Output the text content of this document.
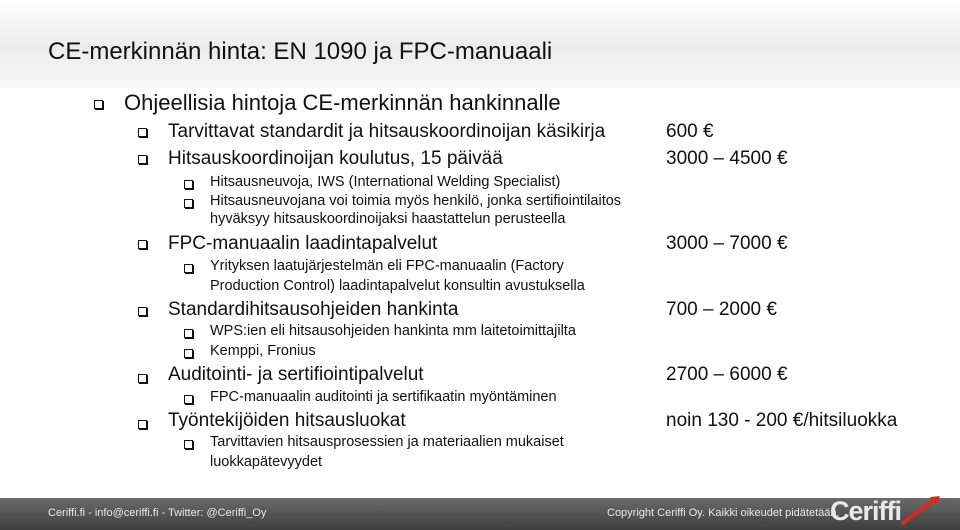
CE-merkinnän hinta: EN 1090 ja FPC-manuaali
Ohjeellisia hintoja CE-merkinnän hankinnalle
Tarvittavat standardit ja hitsauskoordinoijan käsikirja	600 €
Hitsauskoordinoijan koulutus, 15 päivää	3000 – 4500 €
Hitsausneuvoja, IWS (International Welding Specialist)
Hitsausneuvojana voi toimia myös henkilö, jonka sertifiointilaitos
hyväksyy hitsauskoordinoijaksi haastattelun perusteella
FPC-manuaalin laadintapalvelut	3000 – 7000 €
Yrityksen laatujärjestelmän eli FPC-manuaalin (Factory
Production Control) laadintapalvelut konsultin avustuksella
Standardihitsausohjeiden hankinta	700 – 2000 €
WPS:ien eli hitsausohjeiden hankinta mm laitetoimittajilta
Kemppi, Fronius
Auditointi- ja sertifiointipalvelut	2700 – 6000 €
FPC-manuaalin auditointi ja sertifikaatin myöntäminen
Työntekijöiden hitsausluokat	noin 130 - 200 €/hitsiluokka
Tarvittavien hitsausprosessien ja materiaalien mukaiset
luokkapätevyydet
Ceriffi.fi - info@ceriffi.fi - Twitter: @Ceriffi_Oy	Copyright Ceriffi Oy. Kaikki oikeudet pidätetään.
Ceriffi
